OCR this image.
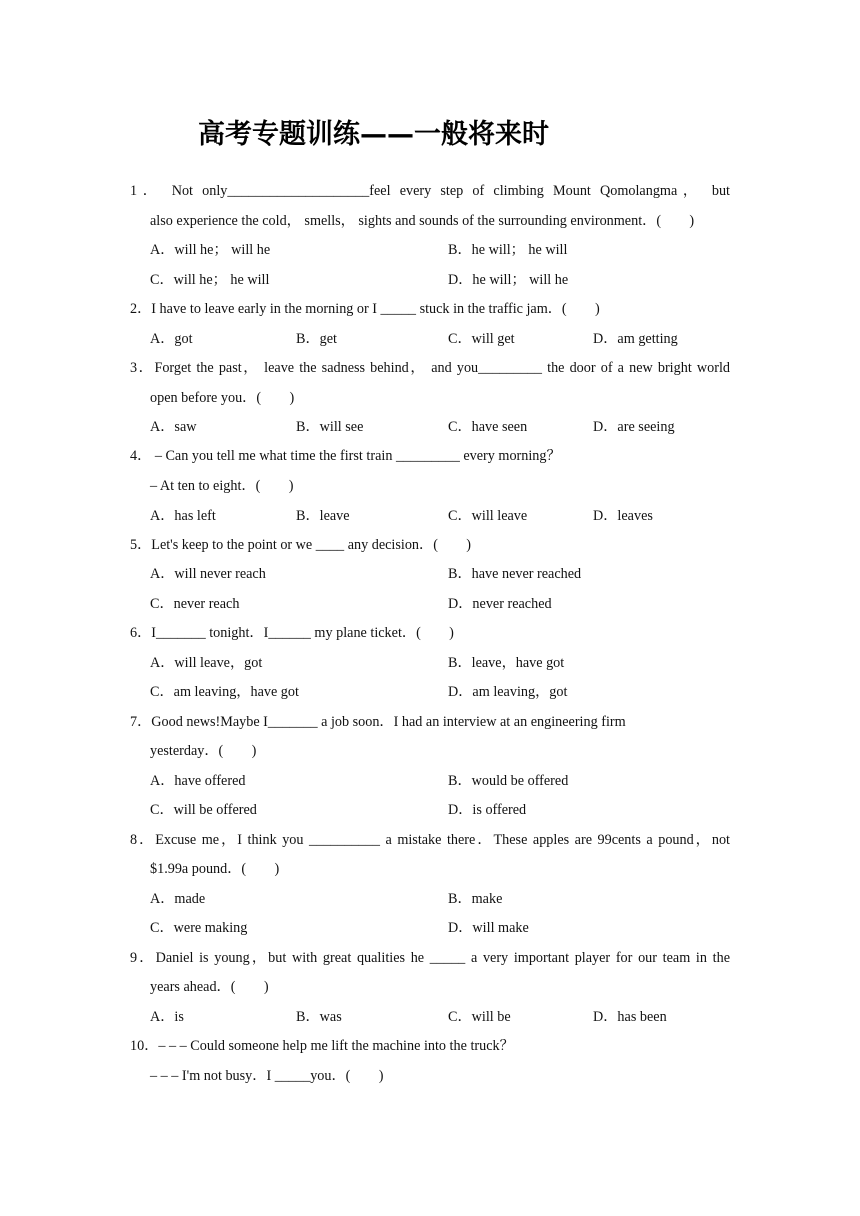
高考专题训练——一般将来时
1． Not only____________________feel every step of climbing Mount Qomolangma， but
also experience the cold， smells， sights and sounds of the surrounding environment．(　　)
A．will he； will he	B．he will； he will
C．will he； he will	D．he will； will he
2．I have to leave early in the morning or I _____ stuck in the traffic jam．(　　)
A．got	B．get	C．will get	D．am getting
3．Forget the past， leave the sadness behind， and you_________ the door of a new bright world
open before you．(　　)
A．saw	B．will see	C．have seen	D．are seeing
4． – Can you tell me what time the first train _________ every morning？
– At ten to eight．(　　)
A．has left	B．leave	C．will leave	D．leaves
5．Let's keep to the point or we ____ any decision．(　　)
A．will never reach	B．have never reached
C．never reach	D．never reached
6．I_______ tonight．I______ my plane ticket．(　　)
A．will leave，got	B．leave，have got
C．am leaving，have got	D．am leaving，got
7．Good news!Maybe I_______ a job soon．I had an interview at an engineering firm
yesterday．(　　)
A．have offered	B．would be offered
C．will be offered	D．is offered
8．Excuse me，I think you __________ a mistake there．These apples are 99cents a pound，not
$1.99a pound．(　　)
A．made	B．make
C．were making	D．will make
9．Daniel is young，but with great qualities he _____ a very important player for our team in the
years ahead．(　　)
A．is	B．was	C．will be	D．has been
10．– – – Could someone help me lift the machine into the truck？
– – – I'm not busy．I _____you．(　　)
